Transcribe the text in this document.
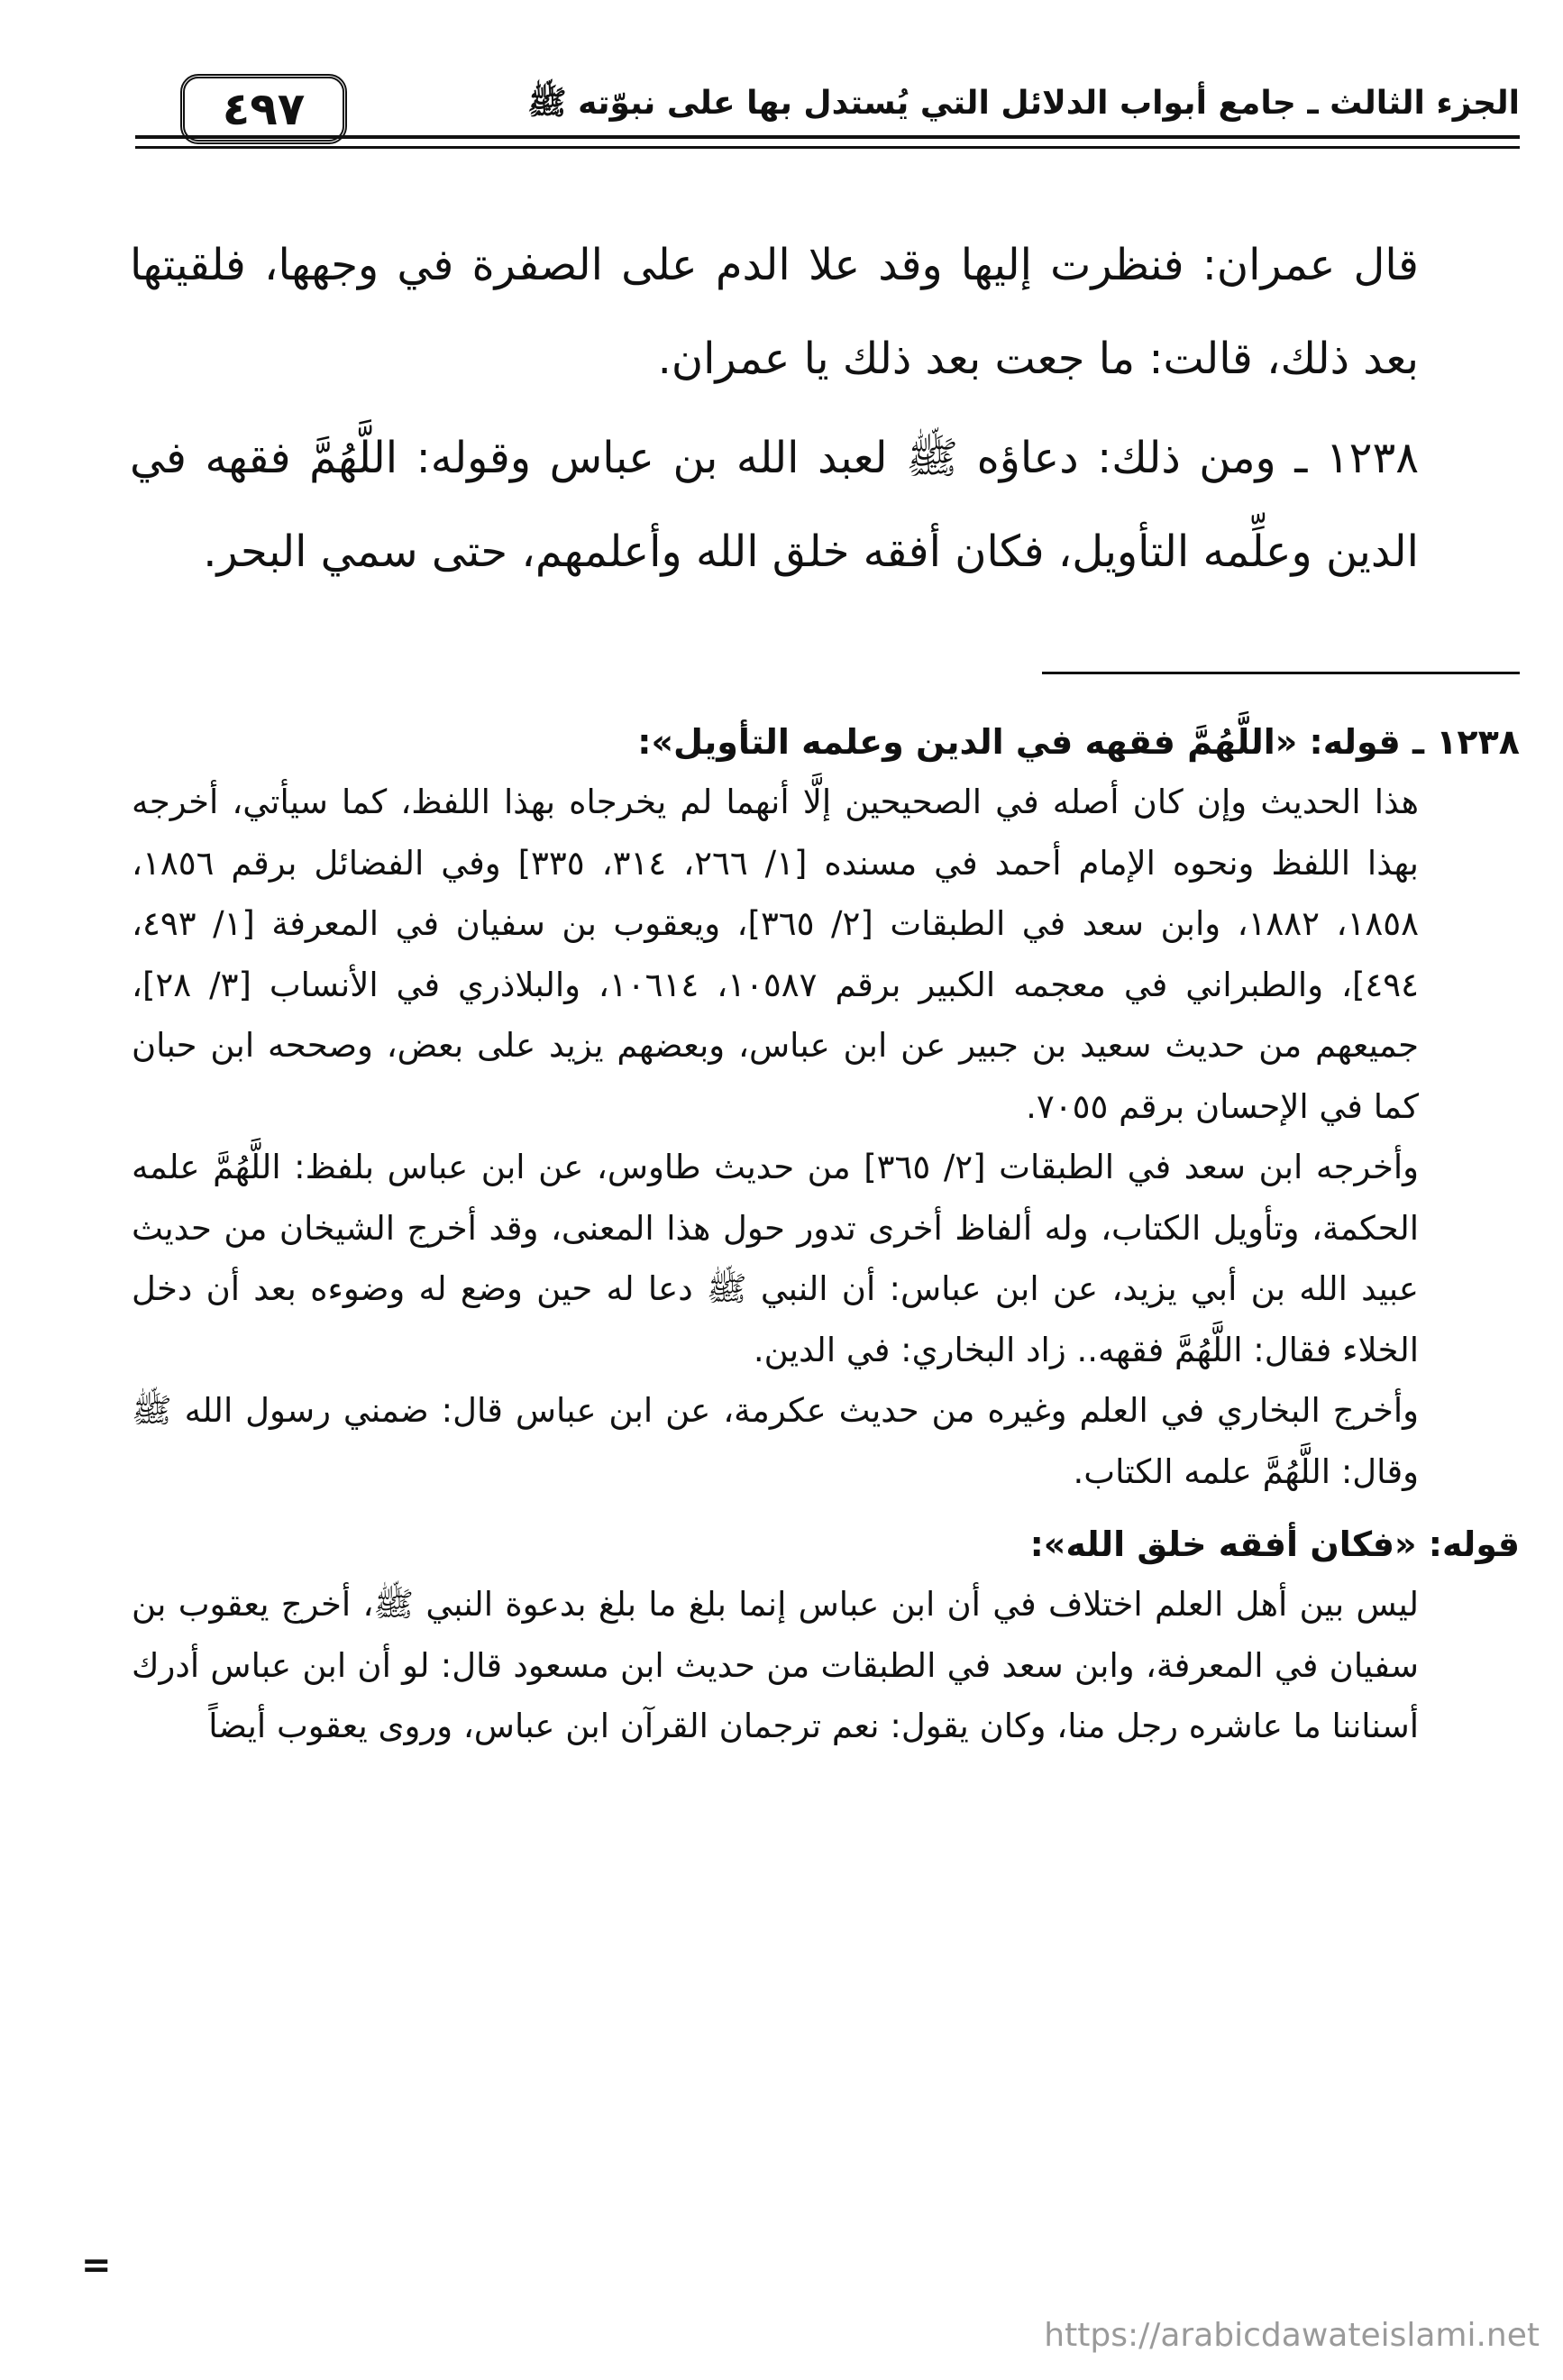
الجزء الثالث ـ جامع أبواب الدلائل التي يُستدل بها على نبوّته ﷺ
٤٩٧

قال عمران: فنظرت إليها وقد علا الدم على الصفرة في وجهها، فلقيتها بعد ذلك، قالت: ما جعت بعد ذلك يا عمران.

١٢٣٨ ـ ومن ذلك: دعاؤه ﷺ لعبد الله بن عباس وقوله: اللَّهُمَّ فقهه في الدين وعلِّمه التأويل، فكان أفقه خلق الله وأعلمهم، حتى سمي البحر.

١٢٣٨ ـ قوله: «اللَّهُمَّ فقهه في الدين وعلمه التأويل»:

هذا الحديث وإن كان أصله في الصحيحين إلَّا أنهما لم يخرجاه بهذا اللفظ، كما سيأتي، أخرجه بهذا اللفظ ونحوه الإمام أحمد في مسنده [١/ ٢٦٦، ٣١٤، ٣٣٥] وفي الفضائل برقم ١٨٥٦، ١٨٥٨، ١٨٨٢، وابن سعد في الطبقات [٢/ ٣٦٥]، ويعقوب بن سفيان في المعرفة [١/ ٤٩٣، ٤٩٤]، والطبراني في معجمه الكبير برقم ١٠٥٨٧، ١٠٦١٤، والبلاذري في الأنساب [٣/ ٢٨]، جميعهم من حديث سعيد بن جبير عن ابن عباس، وبعضهم يزيد على بعض، وصححه ابن حبان كما في الإحسان برقم ٧٠٥٥.

وأخرجه ابن سعد في الطبقات [٢/ ٣٦٥] من حديث طاوس، عن ابن عباس بلفظ: اللَّهُمَّ علمه الحكمة، وتأويل الكتاب، وله ألفاظ أخرى تدور حول هذا المعنى، وقد أخرج الشيخان من حديث عبيد الله بن أبي يزيد، عن ابن عباس: أن النبي ﷺ دعا له حين وضع له وضوءه بعد أن دخل الخلاء فقال: اللَّهُمَّ فقهه.. زاد البخاري: في الدين.

وأخرج البخاري في العلم وغيره من حديث عكرمة، عن ابن عباس قال: ضمني رسول الله ﷺ وقال: اللَّهُمَّ علمه الكتاب.

قوله: «فكان أفقه خلق الله»:

ليس بين أهل العلم اختلاف في أن ابن عباس إنما بلغ ما بلغ بدعوة النبي ﷺ، أخرج يعقوب بن سفيان في المعرفة، وابن سعد في الطبقات من حديث ابن مسعود قال: لو أن ابن عباس أدرك أسناننا ما عاشره رجل منا، وكان يقول: نعم ترجمان القرآن ابن عباس، وروى يعقوب أيضاً

=
https://arabicdawateislami.net
